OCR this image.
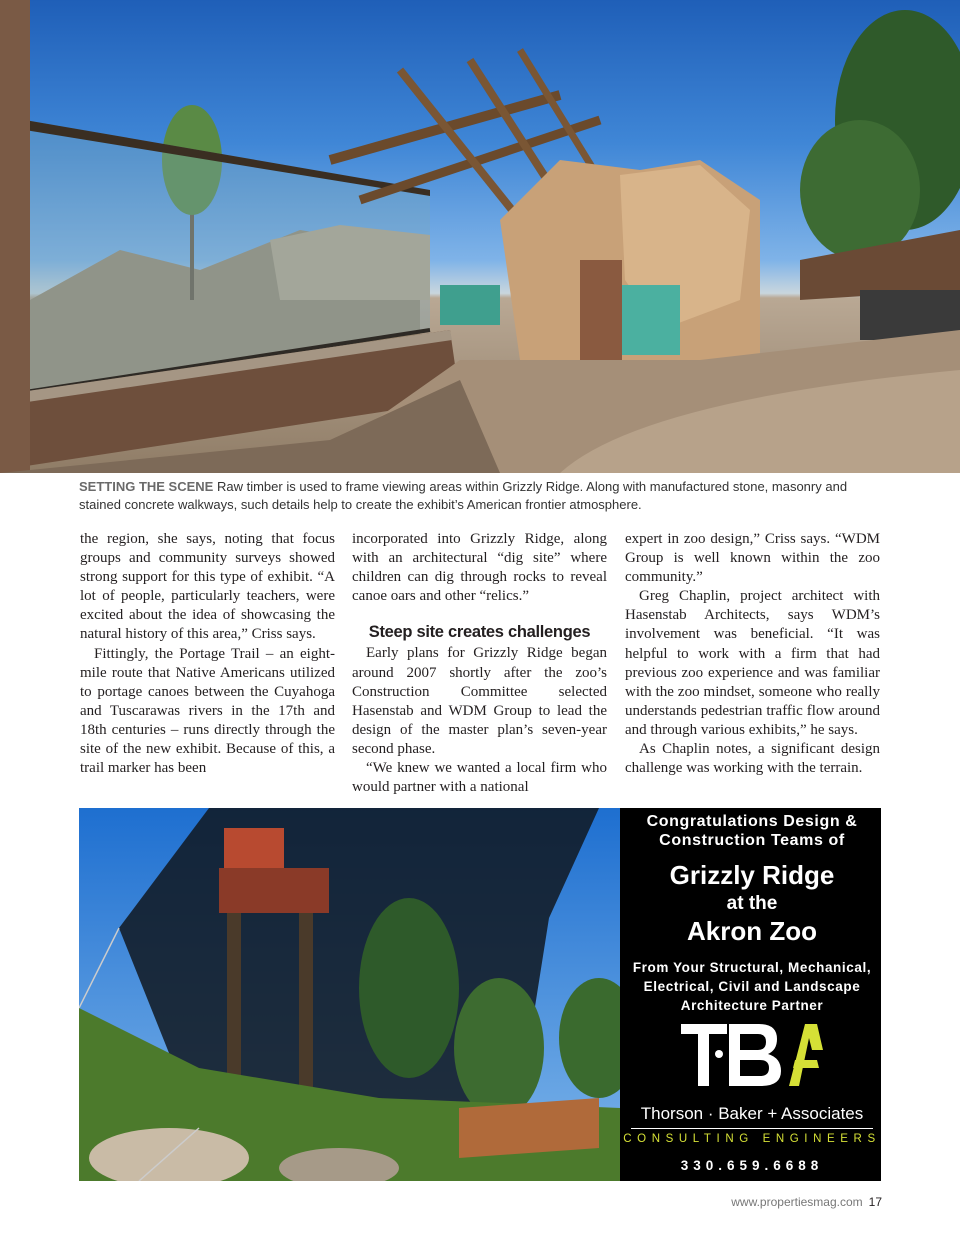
SETTING THE SCENE Raw timber is used to frame viewing areas within Grizzly Ridge. Along with manufactured stone, masonry and stained concrete walkways, such details help to create the exhibit’s American frontier atmosphere.

the region, she says, noting that focus groups and community surveys showed strong support for this type of exhibit. “A lot of people, particularly teachers, were excited about the idea of showcasing the natural history of this area,” Criss says.

Fittingly, the Portage Trail – an eight-mile route that Native Americans utilized to portage canoes between the Cuyahoga and Tuscarawas rivers in the 17th and 18th centuries – runs directly through the site of the new exhibit. Because of this, a trail marker has been

incorporated into Grizzly Ridge, along with an architectural “dig site” where children can dig through rocks to reveal canoe oars and other “relics.”

Steep site creates challenges

Early plans for Grizzly Ridge began around 2007 shortly after the zoo’s Construction Committee selected Hasenstab and WDM Group to lead the design of the master plan’s seven-year second phase.

“We knew we wanted a local firm who would partner with a national

expert in zoo design,” Criss says. “WDM Group is well known within the zoo community.”

Greg Chaplin, project architect with Hasenstab Architects, says WDM’s involvement was beneficial. “It was helpful to work with a firm that had previous zoo experience and was familiar with the zoo mindset, someone who really understands pedestrian traffic flow around and through various exhibits,” he says.

As Chaplin notes, a significant design challenge was working with the terrain.

Congratulations Design & Construction Teams of
Grizzly Ridge
at the
Akron Zoo
From Your Structural, Mechanical, Electrical, Civil and Landscape Architecture Partner
Thorson · Baker + Associates
CONSULTING ENGINEERS
330.659.6688
www.propertiesmag.com 17
